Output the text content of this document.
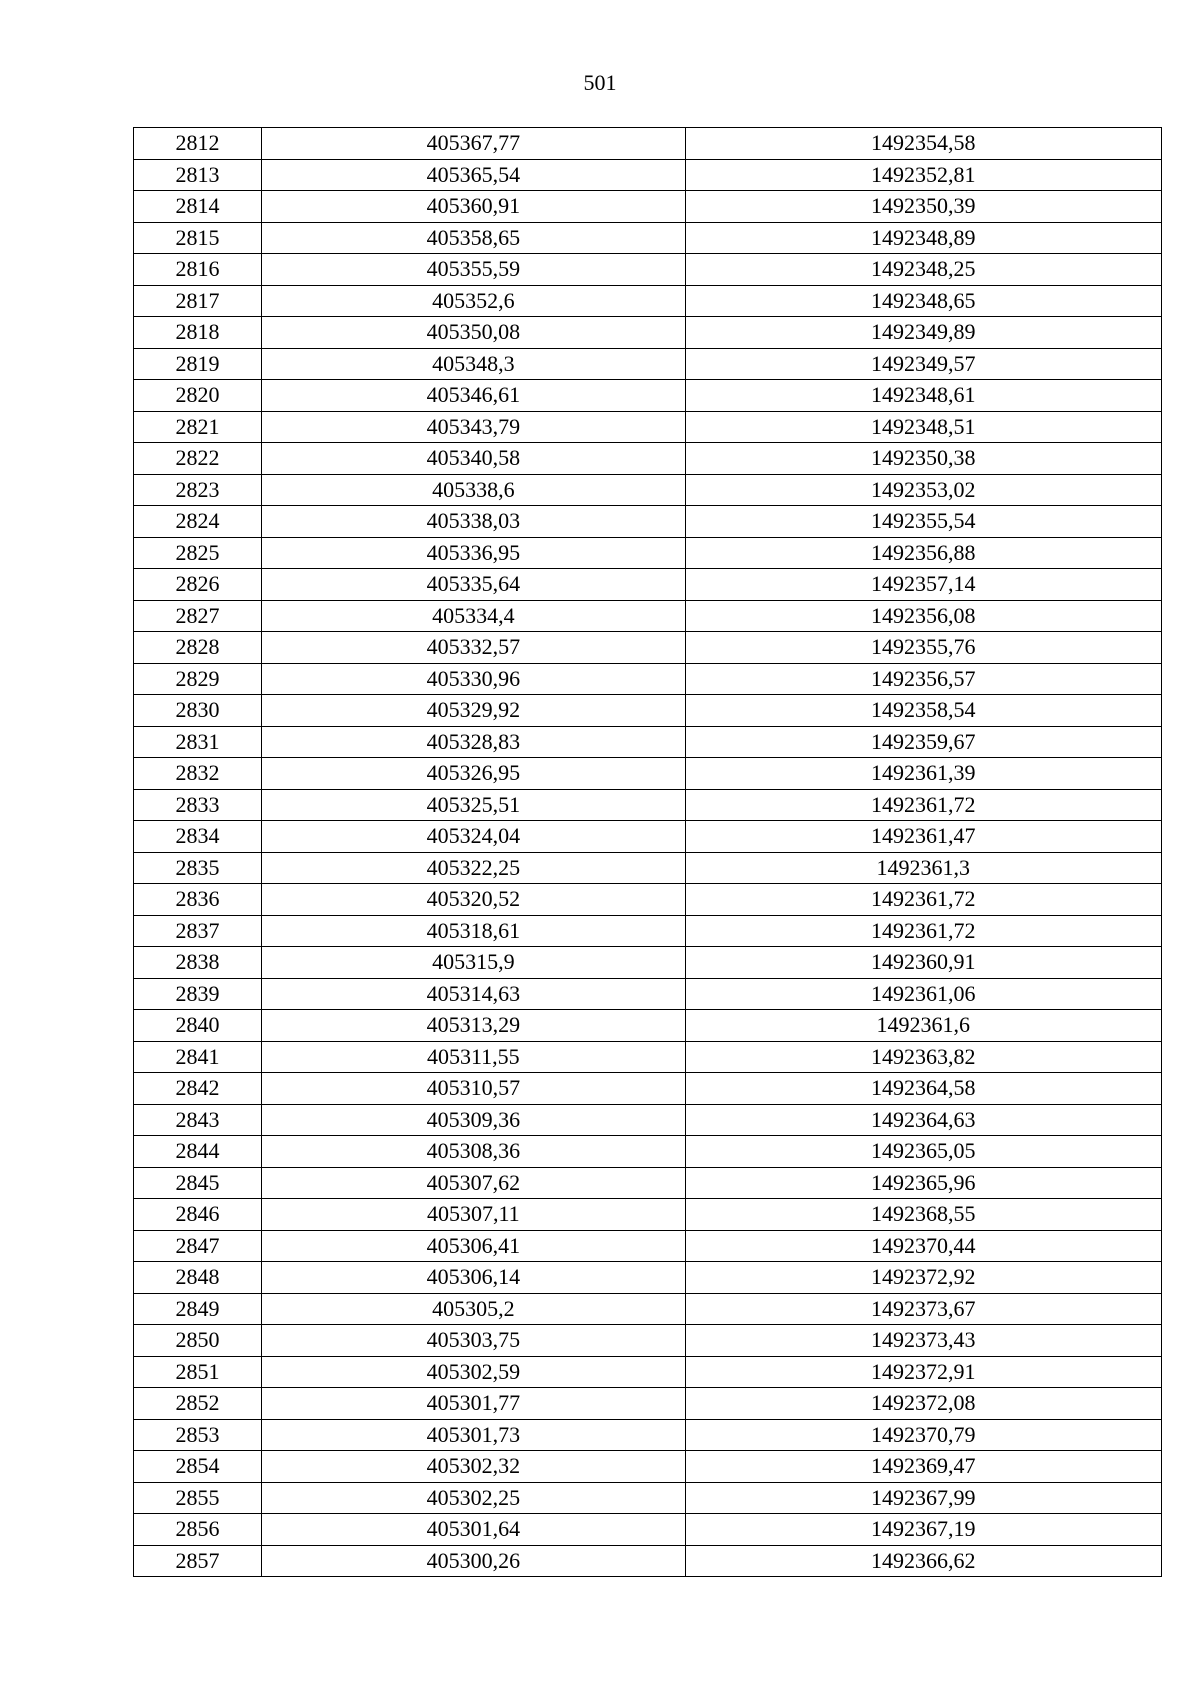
501
2812	405367,77	1492354,58
2813	405365,54	1492352,81
2814	405360,91	1492350,39
2815	405358,65	1492348,89
2816	405355,59	1492348,25
2817	405352,6	1492348,65
2818	405350,08	1492349,89
2819	405348,3	1492349,57
2820	405346,61	1492348,61
2821	405343,79	1492348,51
2822	405340,58	1492350,38
2823	405338,6	1492353,02
2824	405338,03	1492355,54
2825	405336,95	1492356,88
2826	405335,64	1492357,14
2827	405334,4	1492356,08
2828	405332,57	1492355,76
2829	405330,96	1492356,57
2830	405329,92	1492358,54
2831	405328,83	1492359,67
2832	405326,95	1492361,39
2833	405325,51	1492361,72
2834	405324,04	1492361,47
2835	405322,25	1492361,3
2836	405320,52	1492361,72
2837	405318,61	1492361,72
2838	405315,9	1492360,91
2839	405314,63	1492361,06
2840	405313,29	1492361,6
2841	405311,55	1492363,82
2842	405310,57	1492364,58
2843	405309,36	1492364,63
2844	405308,36	1492365,05
2845	405307,62	1492365,96
2846	405307,11	1492368,55
2847	405306,41	1492370,44
2848	405306,14	1492372,92
2849	405305,2	1492373,67
2850	405303,75	1492373,43
2851	405302,59	1492372,91
2852	405301,77	1492372,08
2853	405301,73	1492370,79
2854	405302,32	1492369,47
2855	405302,25	1492367,99
2856	405301,64	1492367,19
2857	405300,26	1492366,62
